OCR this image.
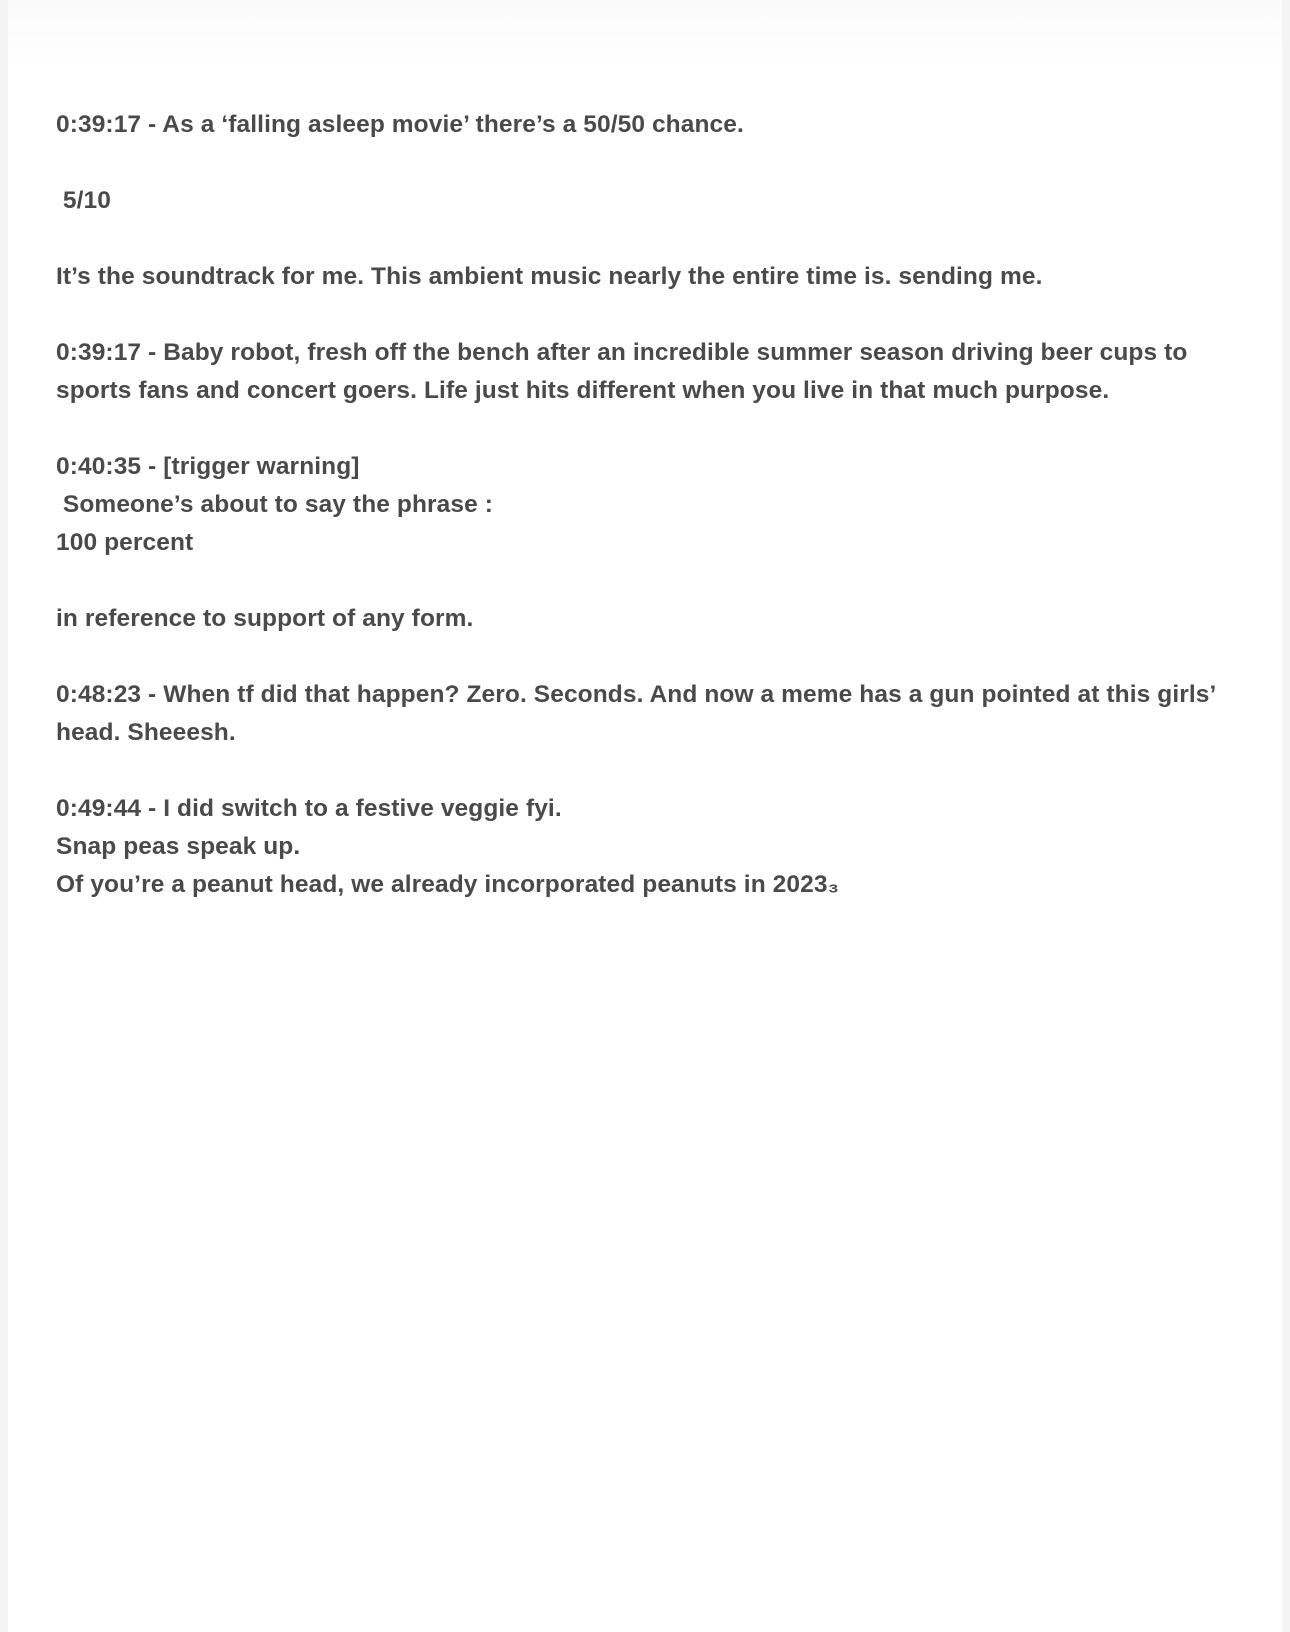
0:39:17 - As a ‘falling asleep movie’ there’s a 50/50 chance.
5/10
It’s the soundtrack for me. This ambient music nearly the entire time is. sending me.
0:39:17 - Baby robot, fresh off the bench after an incredible summer season driving beer cups to sports fans and concert goers. Life just hits different when you live in that much purpose.
0:40:35 - [trigger warning]
Someone’s about to say the phrase :
100 percent
in reference to support of any form.
0:48:23 - When tf did that happen? Zero. Seconds. And now a meme has a gun pointed at this girls’ head. Sheeesh.
0:49:44 - I did switch to a festive veggie fyi.
Snap peas speak up.
Of you’re a peanut head, we already incorporated peanuts in 2023₃
